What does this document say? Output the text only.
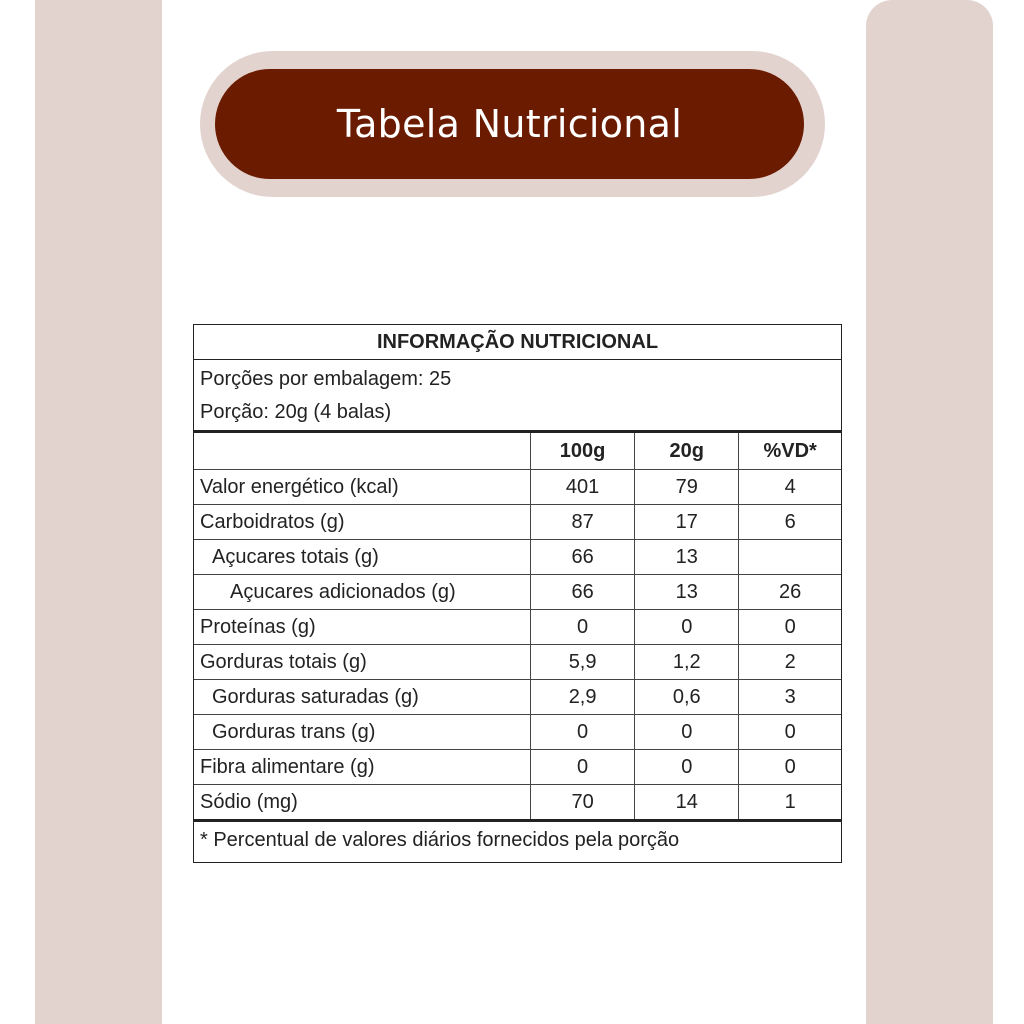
Tabela Nutricional
INFORMAÇÃO NUTRICIONAL
Porções por embalagem: 25
Porção: 20g (4 balas)
	100g	20g	%VD*
Valor energético (kcal)	401	79	4
Carboidratos (g)	87	17	6
Açucares totais (g)	66	13	
Açucares adicionados (g)	66	13	26
Proteínas (g)	0	0	0
Gorduras totais (g)	5,9	1,2	2
Gorduras saturadas (g)	2,9	0,6	3
Gorduras trans (g)	0	0	0
Fibra alimentare (g)	0	0	0
Sódio (mg)	70	14	1
* Percentual de valores diários fornecidos pela porção
